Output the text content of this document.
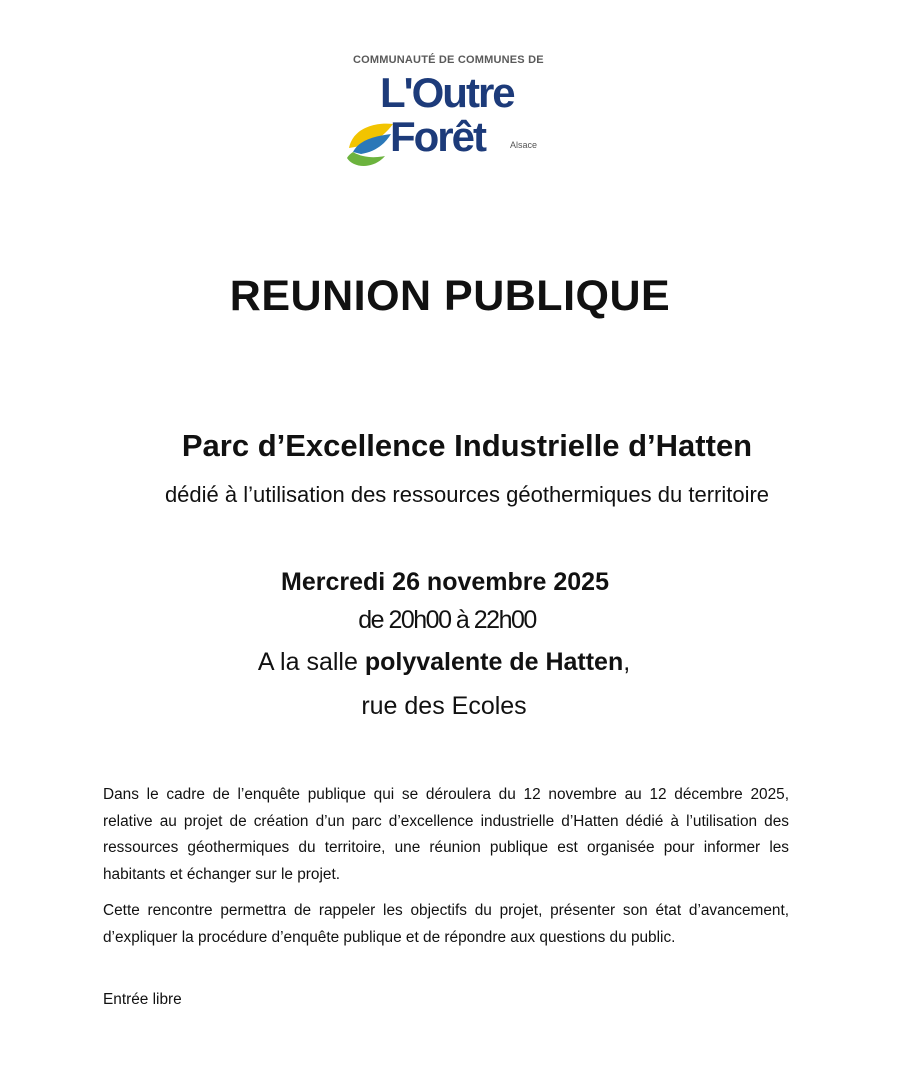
COMMUNAUTÉ DE COMMUNES DE
L'Outre
Forêt	Alsace
REUNION PUBLIQUE
Parc d’Excellence Industrielle d’Hatten
dédié à l’utilisation des ressources géothermiques du territoire
Mercredi 26 novembre 2025
de 20h00 à 22h00
A la salle polyvalente de Hatten,
rue des Ecoles

Dans le cadre de l’enquête publique qui se déroulera du 12 novembre au 12 décembre 2025, relative au projet de création d’un parc d’excellence industrielle d’Hatten dédié à l’utilisation des ressources géothermiques du territoire, une réunion publique est organisée pour informer les habitants et échanger sur le projet.

Cette rencontre permettra de rappeler les objectifs du projet, présenter son état d’avancement, d’expliquer la procédure d’enquête publique et de répondre aux questions du public.

Entrée libre
